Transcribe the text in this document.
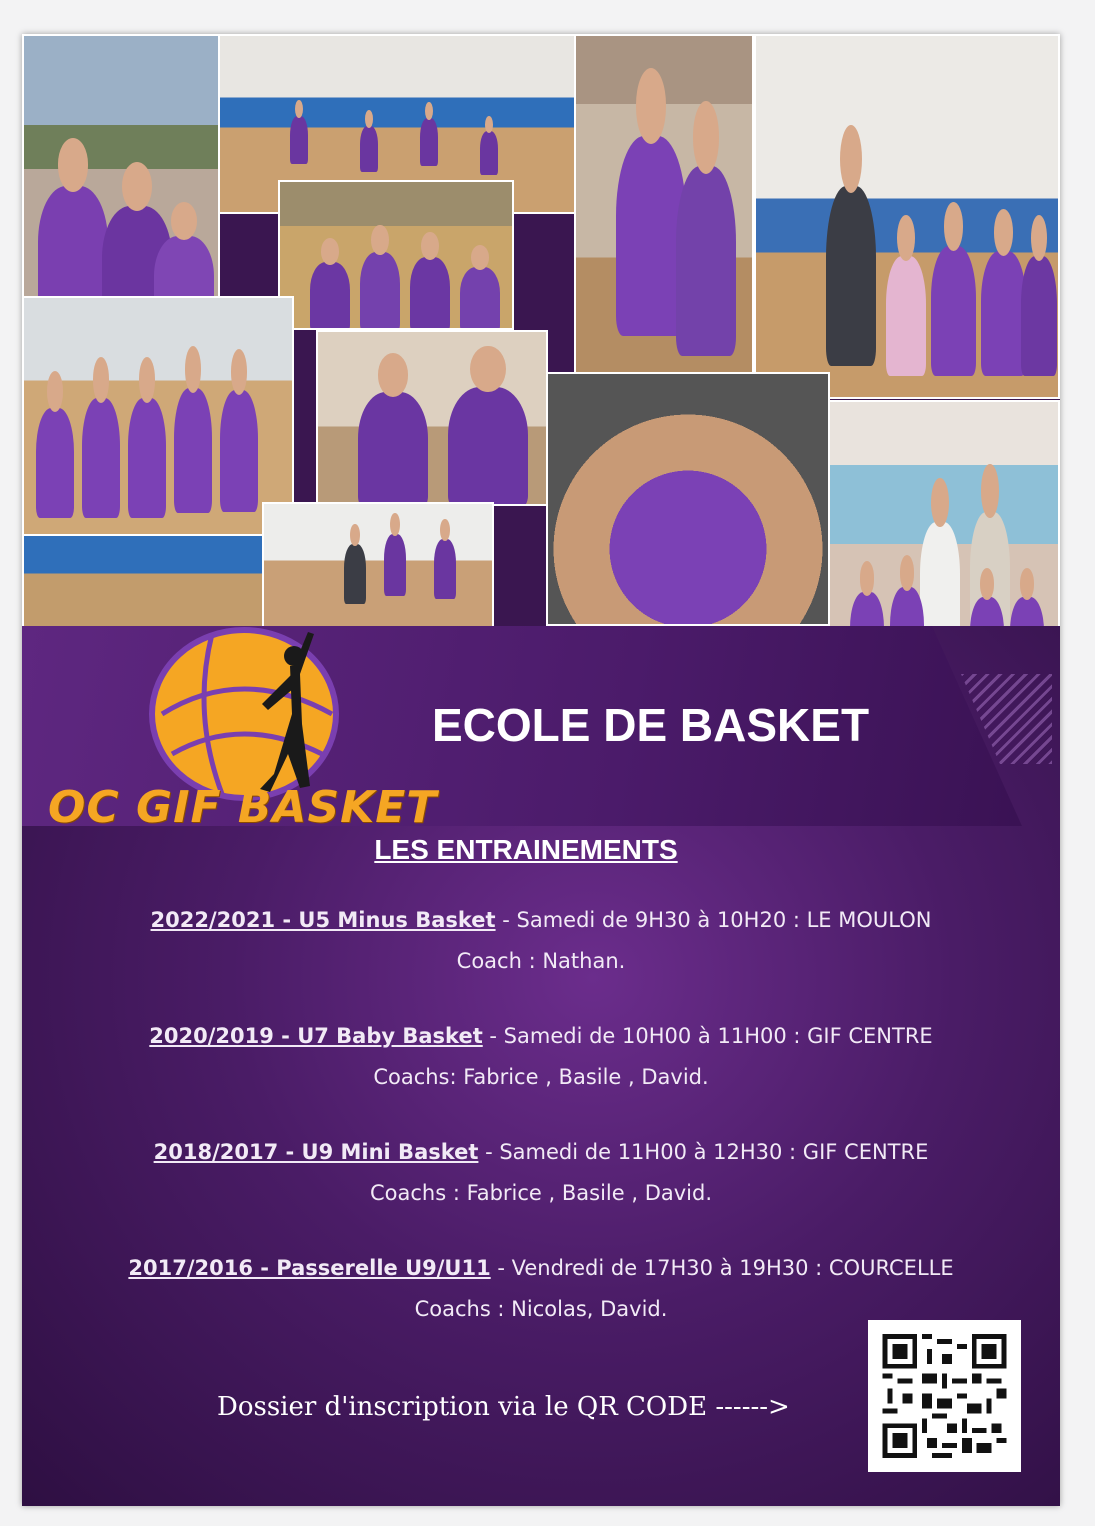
OC GIF BASKET
ECOLE DE BASKET
LES ENTRAINEMENTS
2022/2021 - U5 Minus Basket - Samedi de 9H30 à 10H20 : LE MOULON
Coach : Nathan.
2020/2019 - U7 Baby Basket - Samedi de 10H00 à 11H00 : GIF CENTRE
Coachs: Fabrice , Basile , David.
2018/2017 - U9 Mini Basket - Samedi de 11H00 à 12H30 : GIF CENTRE
Coachs : Fabrice , Basile , David.
2017/2016 - Passerelle U9/U11 - Vendredi de 17H30 à 19H30 : COURCELLE
Coachs : Nicolas, David.
Dossier d'inscription via le QR CODE ------>
